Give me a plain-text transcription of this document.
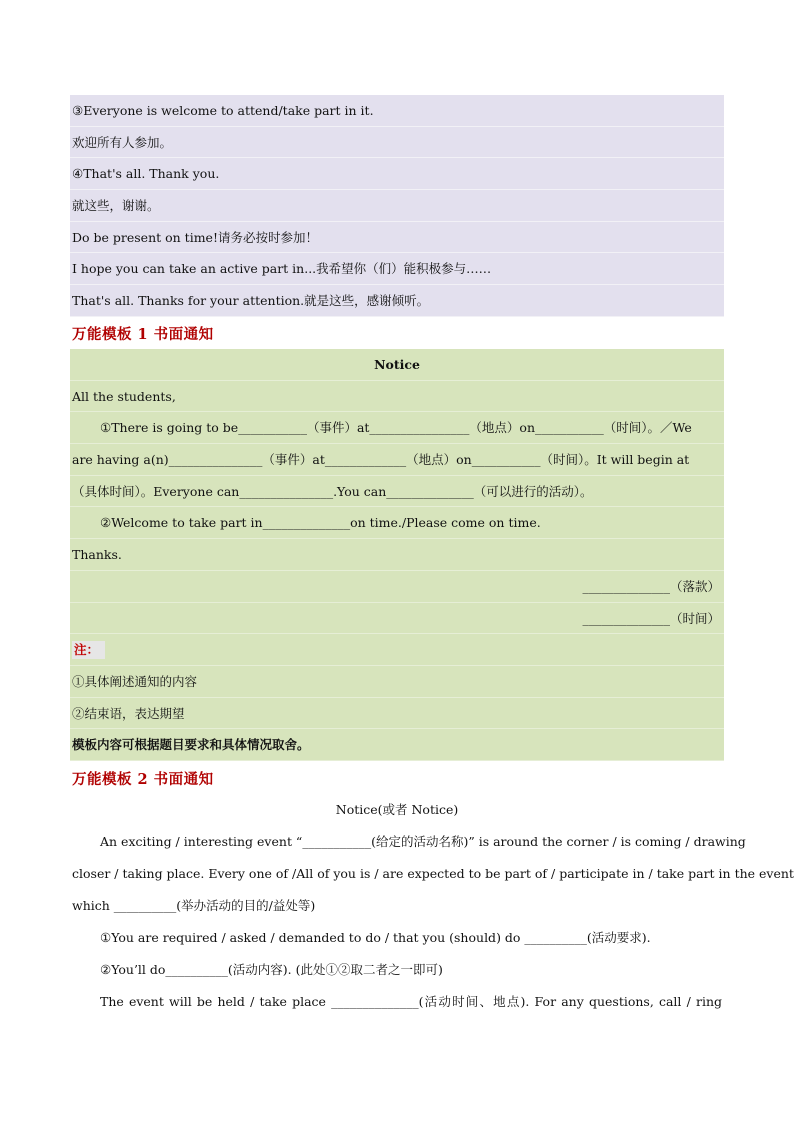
③Everyone is welcome to attend/take part in it.
欢迎所有人参加。
④That's all. Thank you.
就这些，谢谢。
Do be present on time!请务必按时参加！
I hope you can take an active part in...我希望你（们）能积极参与……
That's all. Thanks for your attention.就是这些，感谢倾听。
万能模板 1 书面通知
Notice
All the students,
①There is going to be___________（事件）at________________（地点）on___________（时间）。／We
are having a(n)_______________（事件）at_____________（地点）on___________（时间）。It will begin at
（具体时间）。Everyone can_______________.You can______________（可以进行的活动）。
②Welcome to take part in______________on time./Please come on time.
Thanks.
______________（落款）
______________（时间）
注：
①具体阐述通知的内容
②结束语，表达期望
模板内容可根据题目要求和具体情况取舍。
万能模板 2 书面通知
Notice(或者 Notice)
An exciting / interesting event “___________(给定的活动名称)” is around the corner / is coming / drawing
closer / taking place. Every one of /All of you is / are expected to be part of / participate in / take part in the event
which __________(举办活动的目的/益处等)
①You are required / asked / demanded to do / that you (should) do __________(活动要求).
②You’ll do__________(活动内容). (此处①②取二者之一即可)
The event will be held / take place ______________(活动时间、地点). For any questions, call / ring
